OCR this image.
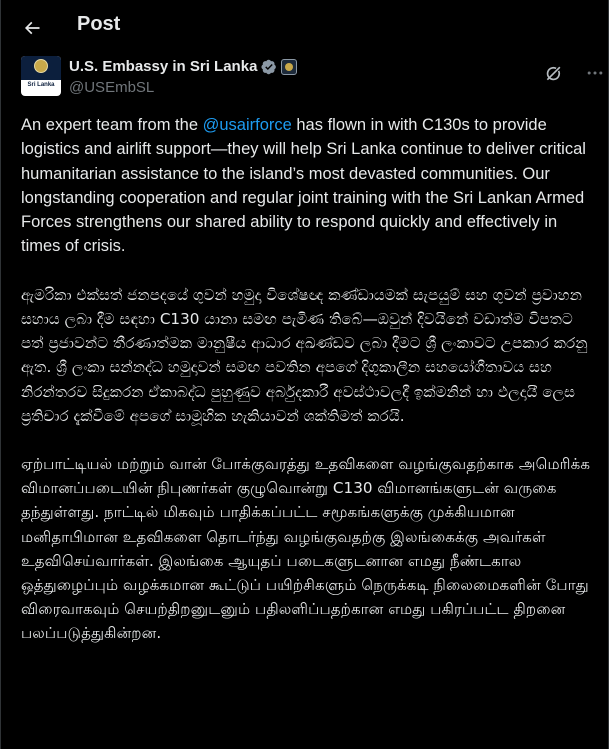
Post
Sri Lanka
U.S. Embassy in Sri Lanka
@USEmbSL

An expert team from the @usairforce has flown in with C130s to provide logistics and airlift support—they will help Sri Lanka continue to deliver critical humanitarian assistance to the island’s most devasted communities. Our longstanding cooperation and regular joint training with the Sri Lankan Armed Forces strengthens our shared ability to respond quickly and effectively in times of crisis.

ඇමරිකා එක්සත් ජනපදයේ ගුවන් හමුදා විශේෂඥ කණ්ඩායමක් සැපයුම් සහ ගුවන් ප්‍රවාහන සහාය ලබා දීම සඳහා C130 යානා සමඟ පැමිණ තිබේ—ඔවුන් දිවයිනේ වඩාත්ම විපතට පත් ප්‍රජාවන්ට තීරණාත්මක මානුෂීය ආධාර අඛණ්ඩව ලබා දීමට ශ්‍රී ලංකාවට උපකාර කරනු ඇත. ශ්‍රී ලංකා සන්නද්ධ හමුදාවන් සමඟ පවතින අපගේ දිගුකාලීන සහයෝගීතාවය සහ නිරන්තරව සිදුකරන ඒකාබද්ධ පුහුණුව අර්බුදකාරී අවස්ථාවලදී ඉක්මනින් හා ඵලදායී ලෙස ප්‍රතිචාර දැක්වීමේ අපගේ සාමූහික හැකියාවන් ශක්තිමත් කරයි.

ஏற்பாட்டியல் மற்றும் வான் போக்குவரத்து உதவிகளை வழங்குவதற்காக அமெரிக்க விமானப்படையின் நிபுணர்கள் குழுவொன்று C130 விமானங்களுடன் வருகை தந்துள்ளது. நாட்டில் மிகவும் பாதிக்கப்பட்ட சமூகங்களுக்கு முக்கியமான மனிதாபிமான உதவிகளை தொடர்ந்து வழங்குவதற்கு இலங்கைக்கு அவர்கள் உதவிசெய்வார்கள். இலங்கை ஆயுதப் படைகளுடனான எமது நீண்டகால ஒத்துழைப்பும் வழக்கமான கூட்டுப் பயிற்சிகளும் நெருக்கடி நிலைமைகளின் போது விரைவாகவும் செயற்திறனுடனும் பதிலளிப்பதற்கான எமது பகிரப்பட்ட திறனை பலப்படுத்துகின்றன.
